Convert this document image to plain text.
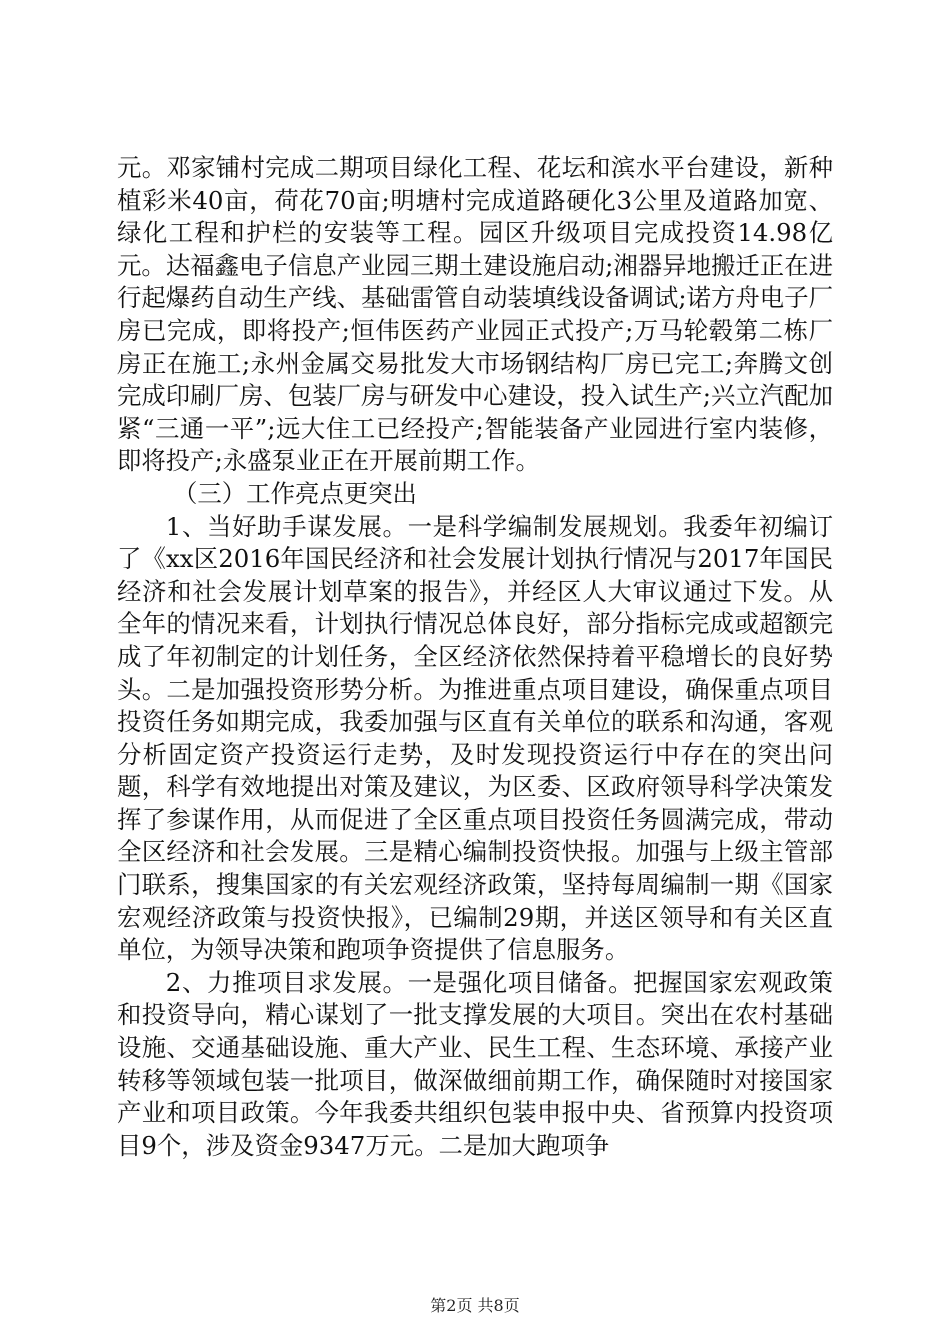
元。邓家铺村完成二期项目绿化工程、花坛和滨水平台建设，新种植彩米40亩，荷花70亩;明塘村完成道路硬化3公里及道路加宽、绿化工程和护栏的安装等工程。园区升级项目完成投资14.98亿元。达福鑫电子信息产业园三期土建设施启动;湘器异地搬迁正在进行起爆药自动生产线、基础雷管自动装填线设备调试;诺方舟电子厂房已完成，即将投产;恒伟医药产业园正式投产;万马轮毂第二栋厂房正在施工;永州金属交易批发大市场钢结构厂房已完工;奔腾文创完成印刷厂房、包装厂房与研发中心建设，投入试生产;兴立汽配加紧“三通一平”;远大住工已经投产;智能装备产业园进行室内装修，即将投产;永盛泵业正在开展前期工作。

（三）工作亮点更突出

1、当好助手谋发展。一是科学编制发展规划。我委年初编订了《xx区2016年国民经济和社会发展计划执行情况与2017年国民经济和社会发展计划草案的报告》，并经区人大审议通过下发。从全年的情况来看，计划执行情况总体良好，部分指标完成或超额完成了年初制定的计划任务，全区经济依然保持着平稳增长的良好势头。二是加强投资形势分析。为推进重点项目建设，确保重点项目投资任务如期完成，我委加强与区直有关单位的联系和沟通，客观分析固定资产投资运行走势，及时发现投资运行中存在的突出问题，科学有效地提出对策及建议，为区委、区政府领导科学决策发挥了参谋作用，从而促进了全区重点项目投资任务圆满完成，带动全区经济和社会发展。三是精心编制投资快报。加强与上级主管部门联系，搜集国家的有关宏观经济政策，坚持每周编制一期《国家宏观经济政策与投资快报》，已编制29期，并送区领导和有关区直单位，为领导决策和跑项争资提供了信息服务。

2、力推项目求发展。一是强化项目储备。把握国家宏观政策和投资导向，精心谋划了一批支撑发展的大项目。突出在农村基础设施、交通基础设施、重大产业、民生工程、生态环境、承接产业转移等领域包装一批项目，做深做细前期工作，确保随时对接国家产业和项目政策。今年我委共组织包装申报中央、省预算内投资项目9个，涉及资金9347万元。二是加大跑项争

第2页 共8页
